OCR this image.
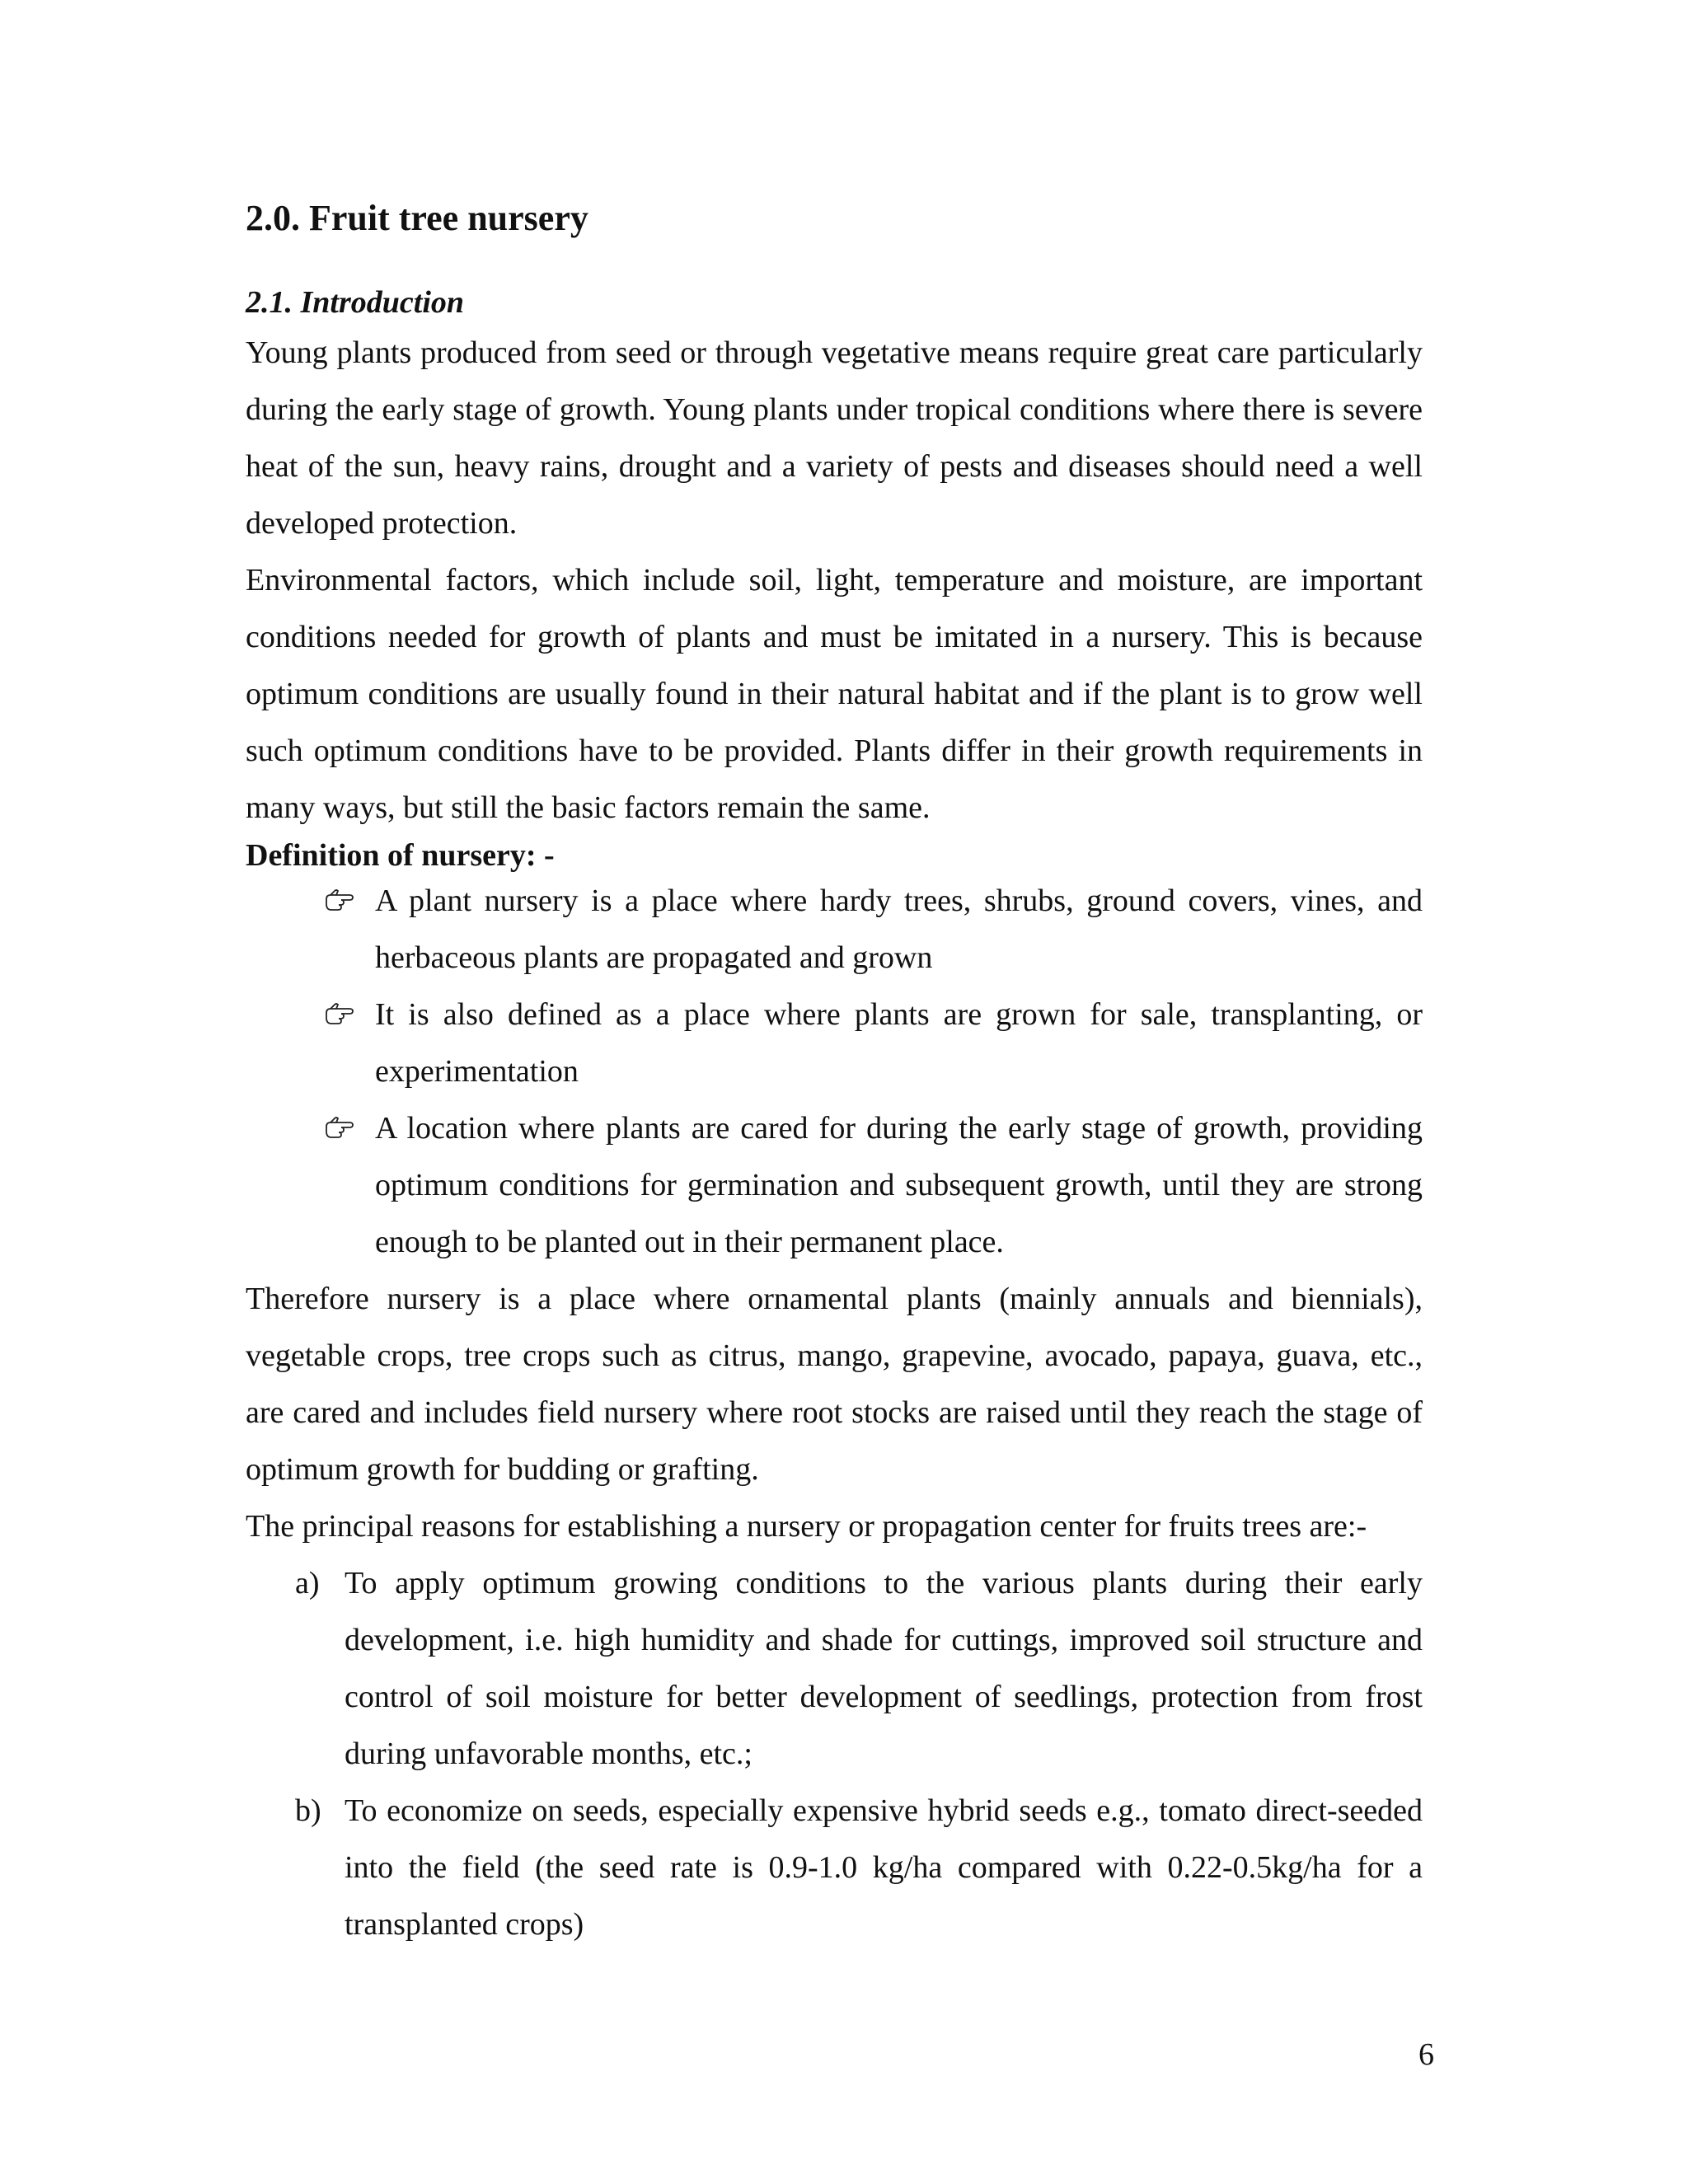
2.0. Fruit tree nursery
2.1. Introduction

Young plants produced from seed or through vegetative means require great care particularly during the early stage of growth. Young plants under tropical conditions where there is severe heat of the sun, heavy rains, drought and a variety of pests and diseases should need a well developed protection.

Environmental factors, which include soil, light, temperature and moisture, are important conditions needed for growth of plants and must be imitated in a nursery. This is because optimum conditions are usually found in their natural habitat and if the plant is to grow well such optimum conditions have to be provided. Plants differ in their growth requirements in many ways, but still the basic factors remain the same.

Definition of nursery: -
A plant nursery is a place where hardy trees, shrubs, ground covers, vines, and herbaceous plants are propagated and grown
It is also defined as a place where plants are grown for sale, transplanting, or experimentation
A location where plants are cared for during the early stage of growth, providing optimum conditions for germination and subsequent growth, until they are strong enough to be planted out in their permanent place.

Therefore nursery is a place where ornamental plants (mainly annuals and biennials), vegetable crops, tree crops such as citrus, mango, grapevine, avocado, papaya, guava, etc., are cared and includes field nursery where root stocks are raised until they reach the stage of optimum growth for budding or grafting.

The principal reasons for establishing a nursery or propagation center for fruits trees are:-

a) To apply optimum growing conditions to the various plants during their early development, i.e. high humidity and shade for cuttings, improved soil structure and control of soil moisture for better development of seedlings, protection from frost during unfavorable months, etc.;
b) To economize on seeds, especially expensive hybrid seeds e.g., tomato direct-seeded into the field (the seed rate is 0.9-1.0 kg/ha compared with 0.22-0.5kg/ha for a transplanted crops)
6
